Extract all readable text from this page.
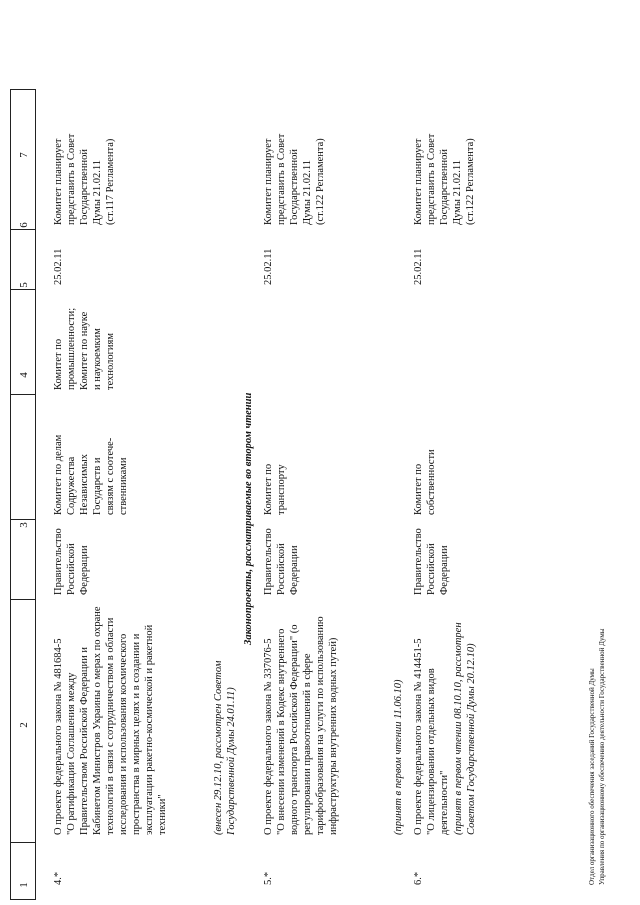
1
2
3
4
5
6
7
4.*
О проекте федерального закона № 481684-5
"О ратификации Соглашения между Правительством Российской Федерации и Кабинетом Министров Украины о мерах по охране технологий в связи с сотрудничеством в области исследования и использования космического пространства в мирных целях и в создании и эксплуатации ракетно-космической и ракетной техники"	(внесен 29.12.10, рассмотрен Советом Государственной Думы 24.01.11)
Правительство
Российской
Федерации
Комитет по делам
Содружества
Независимых
Государств и
связям с соотече-
ственниками
Комитет по
промышленности;
Комитет по науке
и наукоемким
технологиям
25.02.11
Комитет планирует
представить в Совет
Государственной
Думы 21.02.11
(ст.117 Регламента)
Законопроекты, рассматриваемые во втором чтении
5.*
О проекте федерального закона № 337076-5
"О внесении изменений в Кодекс внутреннего водного транспорта Российской Федерации" (о регулировании правоотношений в сфере тарифообразования на услуги по использованию инфраструктуры внутренних водных путей)
(принят в первом чтении 11.06.10)
Правительство
Российской
Федерации
Комитет по
транспорту
25.02.11
Комитет планирует
представить в Совет
Государственной
Думы 21.02.11
(ст.122 Регламента)
6.*
О проекте федерального закона № 414451-5
"О лицензировании отдельных видов деятельности" (принят в первом чтении 08.10.10, рассмотрен Советом Государственной Думы 20.12.10)
Правительство
Российской
Федерации
Комитет по
собственности
25.02.11
Комитет планирует
представить в Совет
Государственной
Думы 21.02.11
(ст.122 Регламента)
Отдел организационного обеспечения заседаний Государственной Думы Управления по организационному обеспечению деятельности Государственной Думы
